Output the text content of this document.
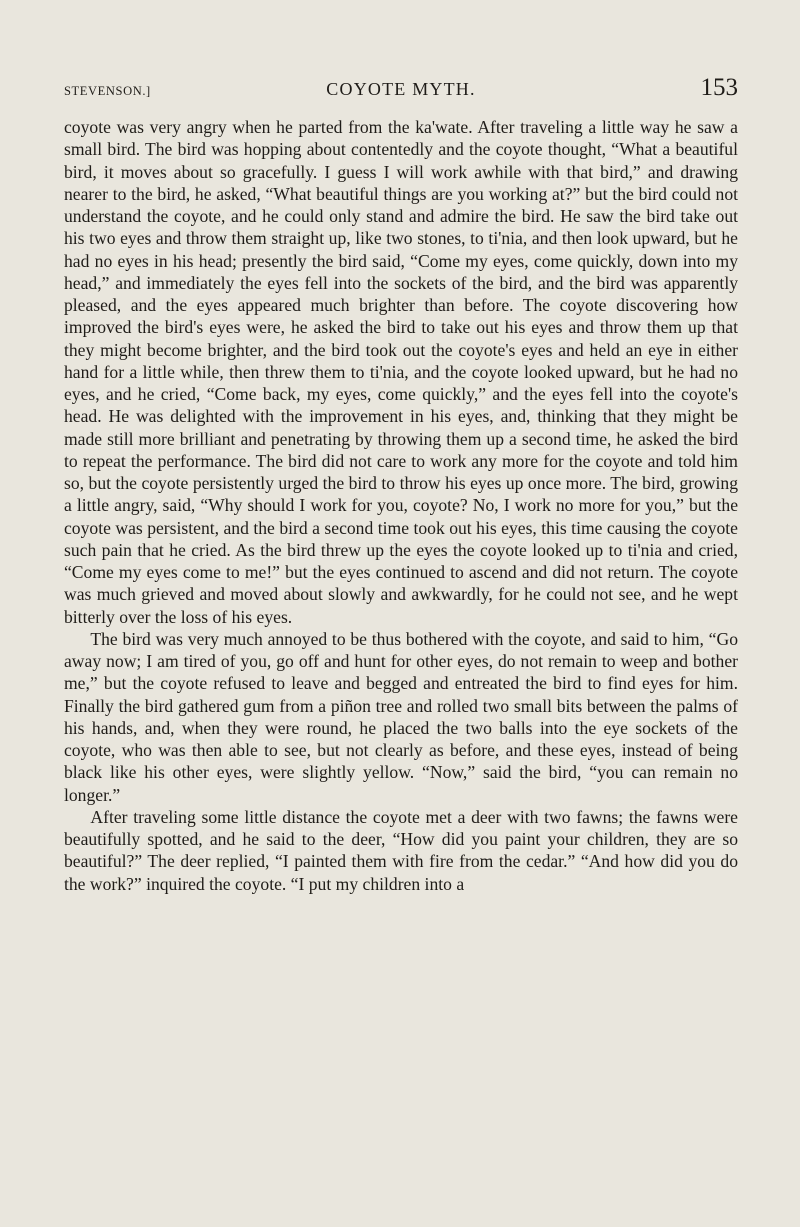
STEVENSON.]	COYOTE MYTH.	153

coyote was very angry when he parted from the ka'wate. After traveling a little way he saw a small bird. The bird was hopping about contentedly and the coyote thought, “What a beautiful bird, it moves about so gracefully. I guess I will work awhile with that bird,” and drawing nearer to the bird, he asked, “What beautiful things are you working at?” but the bird could not understand the coyote, and he could only stand and admire the bird. He saw the bird take out his two eyes and throw them straight up, like two stones, to ti'nia, and then look upward, but he had no eyes in his head; presently the bird said, “Come my eyes, come quickly, down into my head,” and immediately the eyes fell into the sockets of the bird, and the bird was apparently pleased, and the eyes appeared much brighter than before. The coyote discovering how improved the bird's eyes were, he asked the bird to take out his eyes and throw them up that they might become brighter, and the bird took out the coyote's eyes and held an eye in either hand for a little while, then threw them to ti'nia, and the coyote looked upward, but he had no eyes, and he cried, “Come back, my eyes, come quickly,” and the eyes fell into the coyote's head. He was delighted with the improvement in his eyes, and, thinking that they might be made still more brilliant and penetrating by throwing them up a second time, he asked the bird to repeat the performance. The bird did not care to work any more for the coyote and told him so, but the coyote persistently urged the bird to throw his eyes up once more. The bird, growing a little angry, said, “Why should I work for you, coyote? No, I work no more for you,” but the coyote was persistent, and the bird a second time took out his eyes, this time causing the coyote such pain that he cried. As the bird threw up the eyes the coyote looked up to ti'nia and cried, “Come my eyes come to me!” but the eyes continued to ascend and did not return. The coyote was much grieved and moved about slowly and awkwardly, for he could not see, and he wept bitterly over the loss of his eyes.

The bird was very much annoyed to be thus bothered with the coyote, and said to him, “Go away now; I am tired of you, go off and hunt for other eyes, do not remain to weep and bother me,” but the coyote refused to leave and begged and entreated the bird to find eyes for him. Finally the bird gathered gum from a piñon tree and rolled two small bits between the palms of his hands, and, when they were round, he placed the two balls into the eye sockets of the coyote, who was then able to see, but not clearly as before, and these eyes, instead of being black like his other eyes, were slightly yellow. “Now,” said the bird, “you can remain no longer.”

After traveling some little distance the coyote met a deer with two fawns; the fawns were beautifully spotted, and he said to the deer, “How did you paint your children, they are so beautiful?” The deer replied, “I painted them with fire from the cedar.” “And how did you do the work?” inquired the coyote. “I put my children into a
